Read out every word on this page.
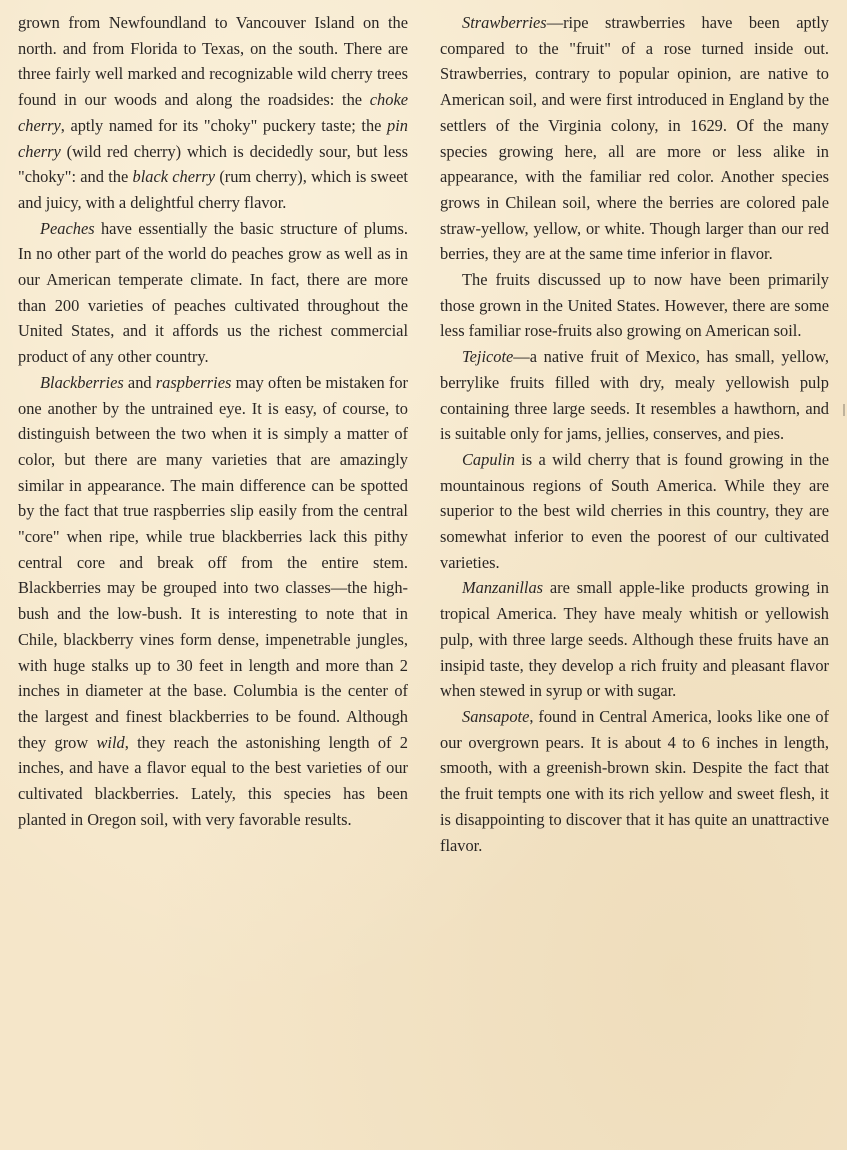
grown from Newfoundland to Vancouver Island on the north. and from Florida to Texas, on the south. There are three fairly well marked and recognizable wild cherry trees found in our woods and along the roadsides: the choke cherry, aptly named for its "choky" puckery taste; the pin cherry (wild red cherry) which is decidedly sour, but less "choky": and the black cherry (rum cherry), which is sweet and juicy, with a delightful cherry flavor.

Peaches have essentially the basic structure of plums. In no other part of the world do peaches grow as well as in our American temperate climate. In fact, there are more than 200 varieties of peaches cultivated throughout the United States, and it affords us the richest commercial product of any other country.

Blackberries and raspberries may often be mistaken for one another by the untrained eye. It is easy, of course, to distinguish between the two when it is simply a matter of color, but there are many varieties that are amazingly similar in appearance. The main difference can be spotted by the fact that true raspberries slip easily from the central "core" when ripe, while true blackberries lack this pithy central core and break off from the entire stem. Blackberries may be grouped into two classes—the high-bush and the low-bush. It is interesting to note that in Chile, blackberry vines form dense, impenetrable jungles, with huge stalks up to 30 feet in length and more than 2 inches in diameter at the base. Columbia is the center of the largest and finest blackberries to be found. Although they grow wild, they reach the astonishing length of 2 inches, and have a flavor equal to the best varieties of our cultivated blackberries. Lately, this species has been planted in Oregon soil, with very favorable results.

Strawberries—ripe strawberries have been aptly compared to the "fruit" of a rose turned inside out. Strawberries, contrary to popular opinion, are native to American soil, and were first introduced in England by the settlers of the Virginia colony, in 1629. Of the many species growing here, all are more or less alike in appearance, with the familiar red color. Another species grows in Chilean soil, where the berries are colored pale straw-yellow, yellow, or white. Though larger than our red berries, they are at the same time inferior in flavor.

The fruits discussed up to now have been primarily those grown in the United States. However, there are some less familiar rose-fruits also growing on American soil.

Tejicote—a native fruit of Mexico, has small, yellow, berrylike fruits filled with dry, mealy yellowish pulp containing three large seeds. It resembles a hawthorn, and is suitable only for jams, jellies, conserves, and pies.

Capulin is a wild cherry that is found growing in the mountainous regions of South America. While they are superior to the best wild cherries in this country, they are somewhat inferior to even the poorest of our cultivated varieties.

Manzanillas are small apple-like products growing in tropical America. They have mealy whitish or yellowish pulp, with three large seeds. Although these fruits have an insipid taste, they develop a rich fruity and pleasant flavor when stewed in syrup or with sugar.

Sansapote, found in Central America, looks like one of our overgrown pears. It is about 4 to 6 inches in length, smooth, with a greenish-brown skin. Despite the fact that the fruit tempts one with its rich yellow and sweet flesh, it is disappointing to discover that it has quite an unattractive flavor.
